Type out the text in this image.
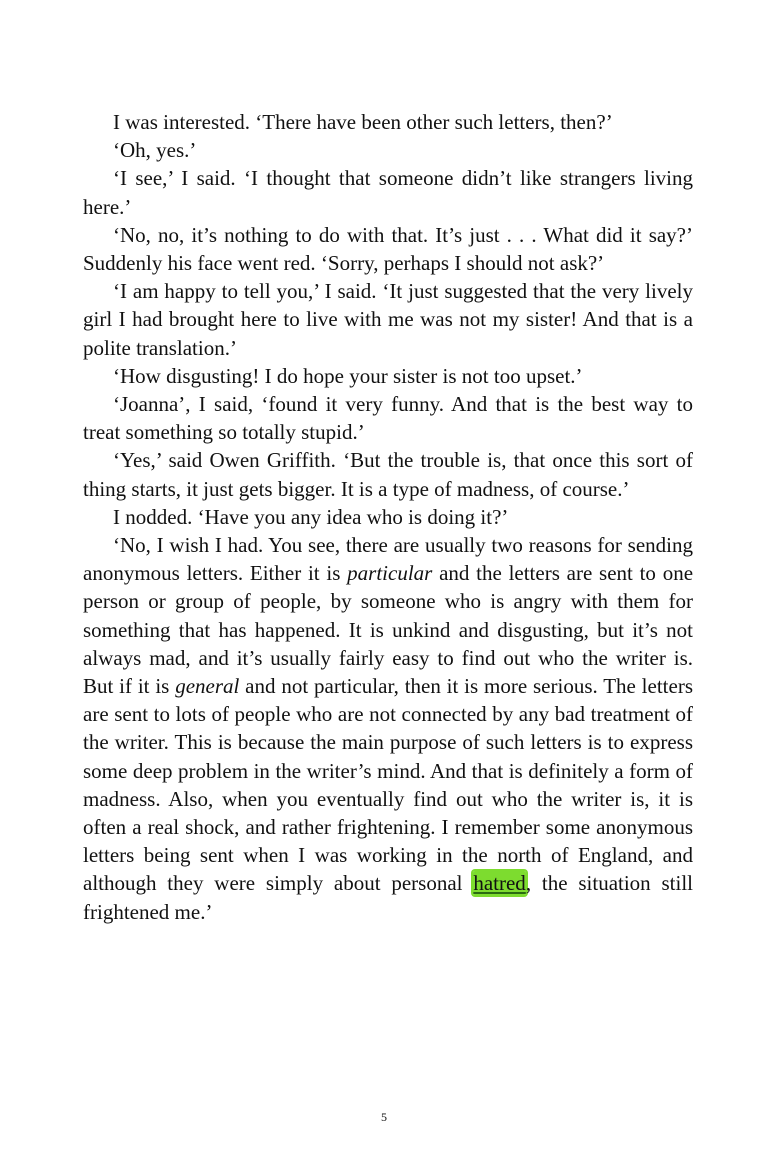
I was interested. ‘There have been other such letters, then?’

‘Oh, yes.’

‘I see,’ I said. ‘I thought that someone didn’t like strangers living here.’

‘No, no, it’s nothing to do with that. It’s just . . . What did it say?’ Suddenly his face went red. ‘Sorry, perhaps I should not ask?’

‘I am happy to tell you,’ I said. ‘It just suggested that the very lively girl I had brought here to live with me was not my sister! And that is a polite translation.’

‘How disgusting! I do hope your sister is not too upset.’

‘Joanna’, I said, ‘found it very funny. And that is the best way to treat something so totally stupid.’

‘Yes,’ said Owen Griffith. ‘But the trouble is, that once this sort of thing starts, it just gets bigger. It is a type of madness, of course.’

I nodded. ‘Have you any idea who is doing it?’

‘No, I wish I had. You see, there are usually two reasons for sending anonymous letters. Either it is particular and the letters are sent to one person or group of people, by someone who is angry with them for something that has happened. It is unkind and disgusting, but it’s not always mad, and it’s usually fairly easy to find out who the writer is. But if it is general and not particular, then it is more serious. The letters are sent to lots of people who are not connected by any bad treatment of the writer. This is because the main purpose of such letters is to express some deep problem in the writer’s mind. And that is definitely a form of madness. Also, when you eventually find out who the writer is, it is often a real shock, and rather frightening. I remember some anonymous letters being sent when I was working in the north of England, and although they were simply about personal hatred, the situation still frightened me.’

5
